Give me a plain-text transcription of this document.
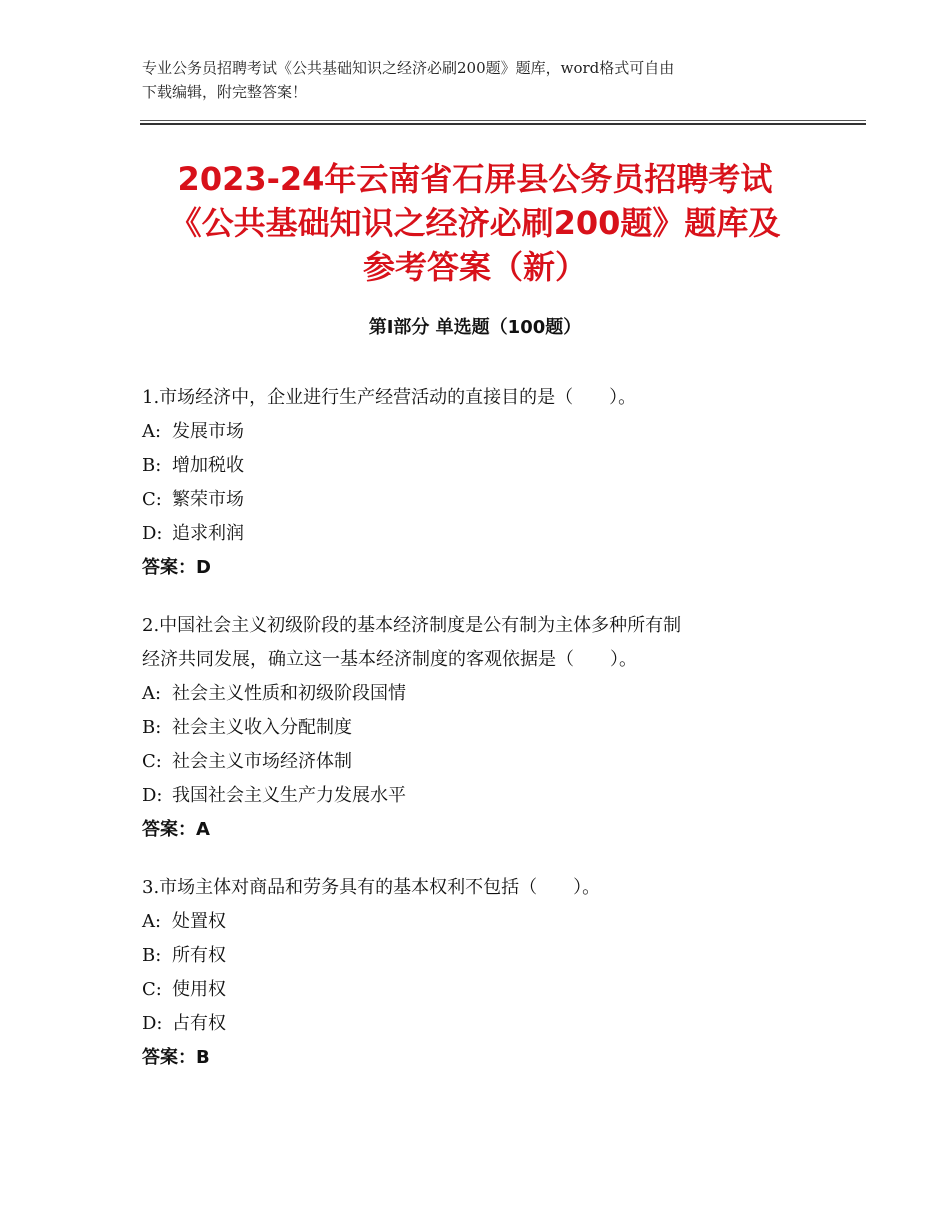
专业公务员招聘考试《公共基础知识之经济必刷200题》题库，word格式可自由
下载编辑，附完整答案！
2023-24年云南省石屏县公务员招聘考试
《公共基础知识之经济必刷200题》题库及
参考答案（新）
第Ⅰ部分 单选题（100题）

1.市场经济中，企业进行生产经营活动的直接目的是（　　）。

A: 发展市场

B: 增加税收

C: 繁荣市场

D: 追求利润

答案：D

2.中国社会主义初级阶段的基本经济制度是公有制为主体多种所有制

经济共同发展，确立这一基本经济制度的客观依据是（　　）。

A: 社会主义性质和初级阶段国情

B: 社会主义收入分配制度

C: 社会主义市场经济体制

D: 我国社会主义生产力发展水平

答案：A

3.市场主体对商品和劳务具有的基本权利不包括（　　）。

A: 处置权

B: 所有权

C: 使用权

D: 占有权

答案：B
